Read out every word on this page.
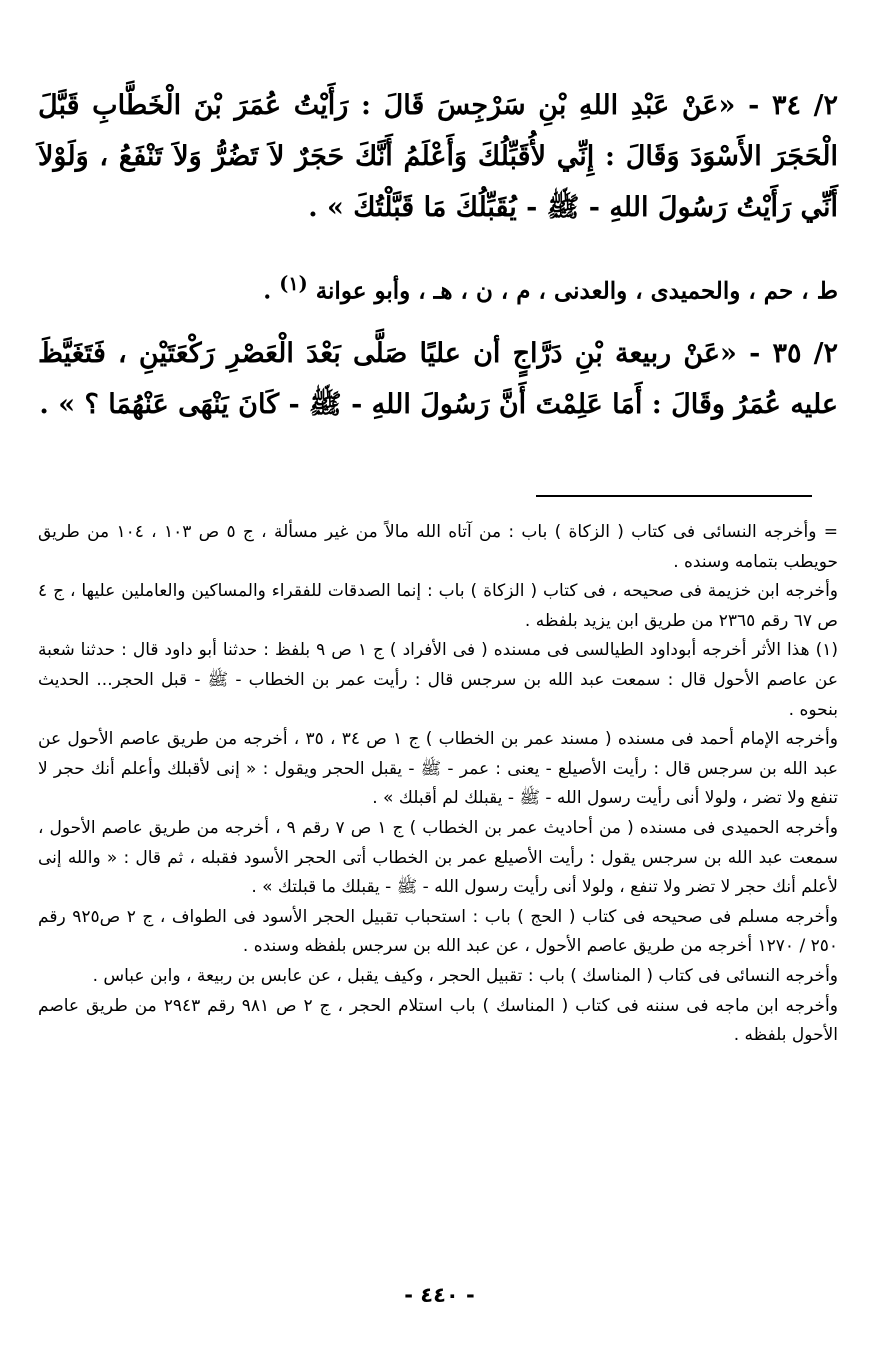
٢/ ٣٤ - «عَنْ عَبْدِ اللهِ بْنِ سَرْجِسَ قَالَ : رَأَيْتُ عُمَرَ بْنَ الْخَطَّابِ قَبَّلَ الْحَجَرَ الأَسْوَدَ وَقَالَ : إِنِّي لأُقَبِّلُكَ وَأَعْلَمُ أَنَّكَ حَجَرٌ لاَ تَضُرُّ وَلاَ تَنْفَعُ ، وَلَوْلاَ أَنِّي رَأَيْتُ رَسُولَ اللهِ - ﷺ - يُقَبِّلُكَ مَا قَبَّلْتُكَ » .
ط ، حم ، والحميدى ، والعدنى ، م ، ن ، هـ ، وأبو عوانة $^{(١)}$ .
٢/ ٣٥ - «عَنْ ربيعة بْنِ دَرَّاجٍ أن عليًا صَلَّى بَعْدَ الْعَصْرِ رَكْعَتَيْنِ ، فَتَغَيَّظَ عليه عُمَرُ وقَالَ : أَمَا عَلِمْتَ أَنَّ رَسُولَ اللهِ - ﷺ - كَانَ يَنْهَى عَنْهُمَا ؟ » .

= وأخرجه النسائى فى كتاب ( الزكاة ) باب : من آتاه الله مالاً من غير مسألة ، ج ٥ ص ١٠٣ ، ١٠٤ من طريق حويطب بتمامه وسنده .

وأخرجه ابن خزيمة فى صحيحه ، فى كتاب ( الزكاة ) باب : إنما الصدقات للفقراء والمساكين والعاملين عليها ، ج ٤ ص ٦٧ رقم ٢٣٦٥ من طريق ابن يزيد بلفظه .

(١) هذا الأثر أخرجه أبوداود الطيالسى فى مسنده ( فى الأفراد ) ج ١ ص ٩ بلفظ : حدثنا أبو داود قال : حدثنا شعبة عن عاصم الأحول قال : سمعت عبد الله بن سرجس قال : رأيت عمر بن الخطاب - ﷺ - قبل الحجر... الحديث بنحوه .

وأخرجه الإمام أحمد فى مسنده ( مسند عمر بن الخطاب ) ج ١ ص ٣٤ ، ٣٥ ، أخرجه من طريق عاصم الأحول عن عبد الله بن سرجس قال : رأيت الأصيلع - يعنى : عمر - ﷺ - يقبل الحجر ويقول : « إنى لأقبلك وأعلم أنك حجر لا تنفع ولا تضر ، ولولا أنى رأيت رسول الله - ﷺ - يقبلك لم أقبلك » .

وأخرجه الحميدى فى مسنده ( من أحاديث عمر بن الخطاب ) ج ١ ص ٧ رقم ٩ ، أخرجه من طريق عاصم الأحول ، سمعت عبد الله بن سرجس يقول : رأيت الأصيلع عمر بن الخطاب أتى الحجر الأسود فقبله ، ثم قال : « والله إنى لأعلم أنك حجر لا تضر ولا تنفع ، ولولا أنى رأيت رسول الله - ﷺ - يقبلك ما قبلتك » .

وأخرجه مسلم فى صحيحه فى كتاب ( الحج ) باب : استحباب تقبيل الحجر الأسود فى الطواف ، ج ٢ ص٩٢٥ رقم ٢٥٠ / ١٢٧٠ أخرجه من طريق عاصم الأحول ، عن عبد الله بن سرجس بلفظه وسنده .

وأخرجه النسائى فى كتاب ( المناسك ) باب : تقبيل الحجر ، وكيف يقبل ، عن عابس بن ربيعة ، وابن عباس .

وأخرجه ابن ماجه فى سننه فى كتاب ( المناسك ) باب استلام الحجر ، ج ٢ ص ٩٨١ رقم ٢٩٤٣ من طريق عاصم الأحول بلفظه .

- ٤٤٠ -
